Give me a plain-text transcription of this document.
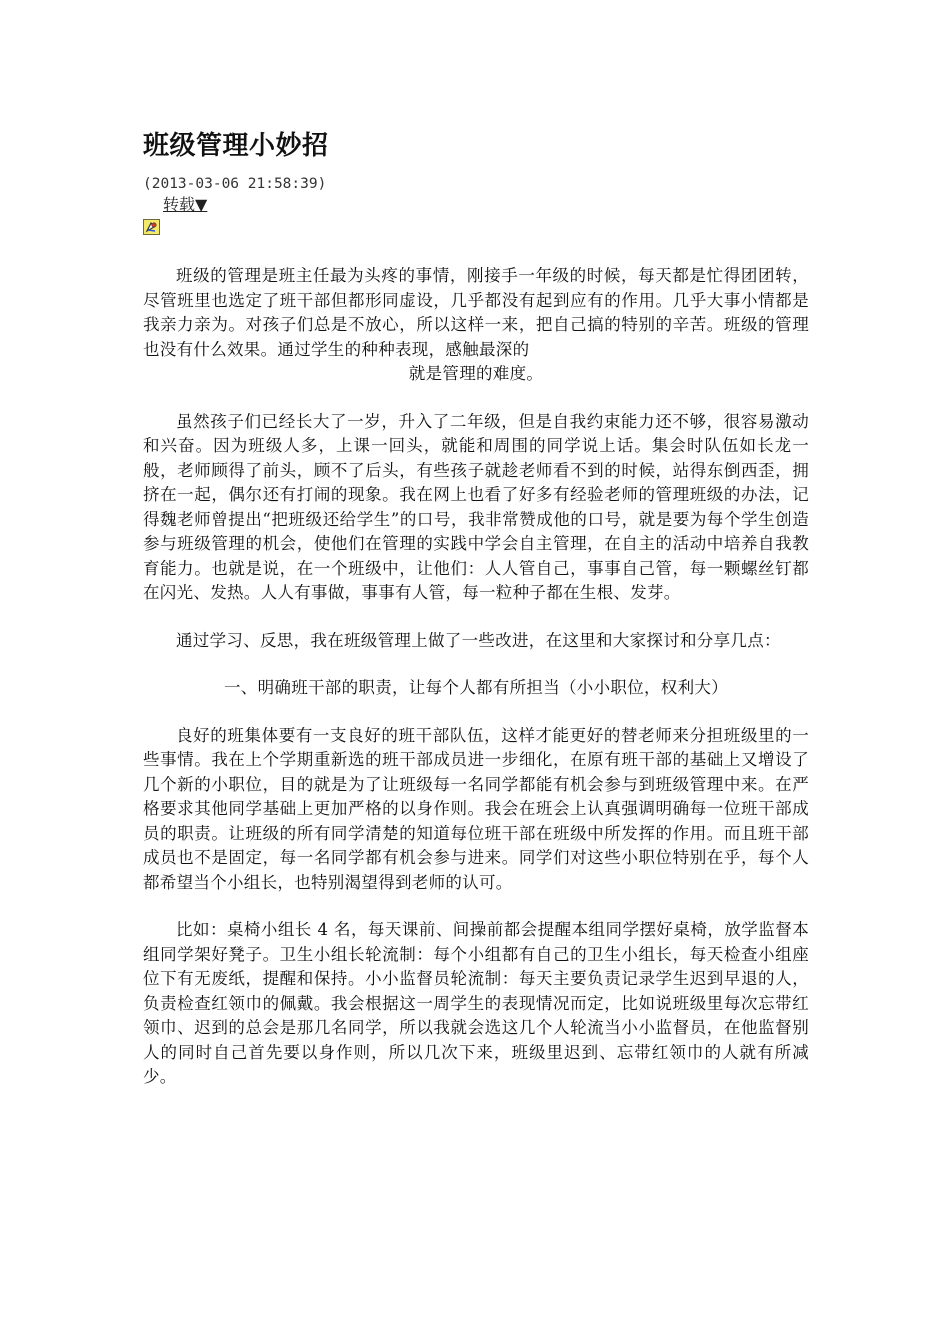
班级管理小妙招
(2013-03-06 21:58:39)
转载▼

班级的管理是班主任最为头疼的事情，刚接手一年级的时候，每天都是忙得团团转，尽管班里也选定了班干部但都形同虚设，几乎都没有起到应有的作用。几乎大事小情都是我亲力亲为。对孩子们总是不放心，所以这样一来，把自己搞的特别的辛苦。班级的管理也没有什么效果。通过学生的种种表现，感触最深的
就是管理的难度。

虽然孩子们已经长大了一岁，升入了二年级，但是自我约束能力还不够，很容易激动和兴奋。因为班级人多，上课一回头，就能和周围的同学说上话。集会时队伍如长龙一般，老师顾得了前头，顾不了后头，有些孩子就趁老师看不到的时候，站得东倒西歪，拥挤在一起，偶尔还有打闹的现象。我在网上也看了好多有经验老师的管理班级的办法，记得魏老师曾提出“把班级还给学生”的口号，我非常赞成他的口号，就是要为每个学生创造参与班级管理的机会，使他们在管理的实践中学会自主管理，在自主的活动中培养自我教育能力。也就是说，在一个班级中，让他们：人人管自己，事事自己管，每一颗螺丝钉都在闪光、发热。人人有事做，事事有人管，每一粒种子都在生根、发芽。

通过学习、反思，我在班级管理上做了一些改进，在这里和大家探讨和分享几点：

一、明确班干部的职责，让每个人都有所担当（小小职位，权利大）

良好的班集体要有一支良好的班干部队伍，这样才能更好的替老师来分担班级里的一些事情。我在上个学期重新选的班干部成员进一步细化，在原有班干部的基础上又增设了几个新的小职位，目的就是为了让班级每一名同学都能有机会参与到班级管理中来。在严格要求其他同学基础上更加严格的以身作则。我会在班会上认真强调明确每一位班干部成员的职责。让班级的所有同学清楚的知道每位班干部在班级中所发挥的作用。而且班干部成员也不是固定，每一名同学都有机会参与进来。同学们对这些小职位特别在乎，每个人都希望当个小组长，也特别渴望得到老师的认可。

比如：桌椅小组长 4 名，每天课前、间操前都会提醒本组同学摆好桌椅，放学监督本组同学架好凳子。卫生小组长轮流制：每个小组都有自己的卫生小组长，每天检查小组座位下有无废纸，提醒和保持。小小监督员轮流制：每天主要负责记录学生迟到早退的人，负责检查红领巾的佩戴。我会根据这一周学生的表现情况而定，比如说班级里每次忘带红领巾、迟到的总会是那几名同学，所以我就会选这几个人轮流当小小监督员，在他监督别人的同时自己首先要以身作则，所以几次下来，班级里迟到、忘带红领巾的人就有所减少。
